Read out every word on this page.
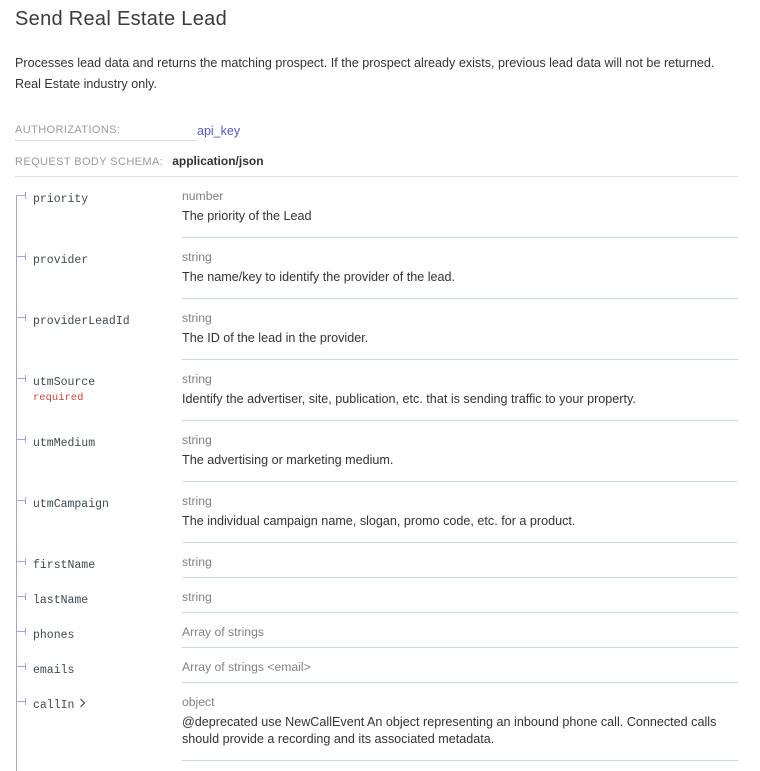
Send Real Estate Lead

Processes lead data and returns the matching prospect. If the prospect already exists, previous lead data will not be returned. Real Estate industry only.

AUTHORIZATIONS:	api_key
REQUEST BODY SCHEMA: application/json
priority	number
The priority of the Lead
provider	string
The name/key to identify the provider of the lead.
providerLeadId	string
The ID of the lead in the provider.
utmSource
required
string
Identify the advertiser, site, publication, etc. that is sending traffic to your property.
utmMedium	string
The advertising or marketing medium.
utmCampaign	string
The individual campaign name, slogan, promo code, etc. for a product.
firstName	string
lastName	string
phones	Array of strings
emails	Array of strings <email>
callIn	object
@deprecated use NewCallEvent An object representing an inbound phone call. Connected calls should provide a recording and its associated metadata.
